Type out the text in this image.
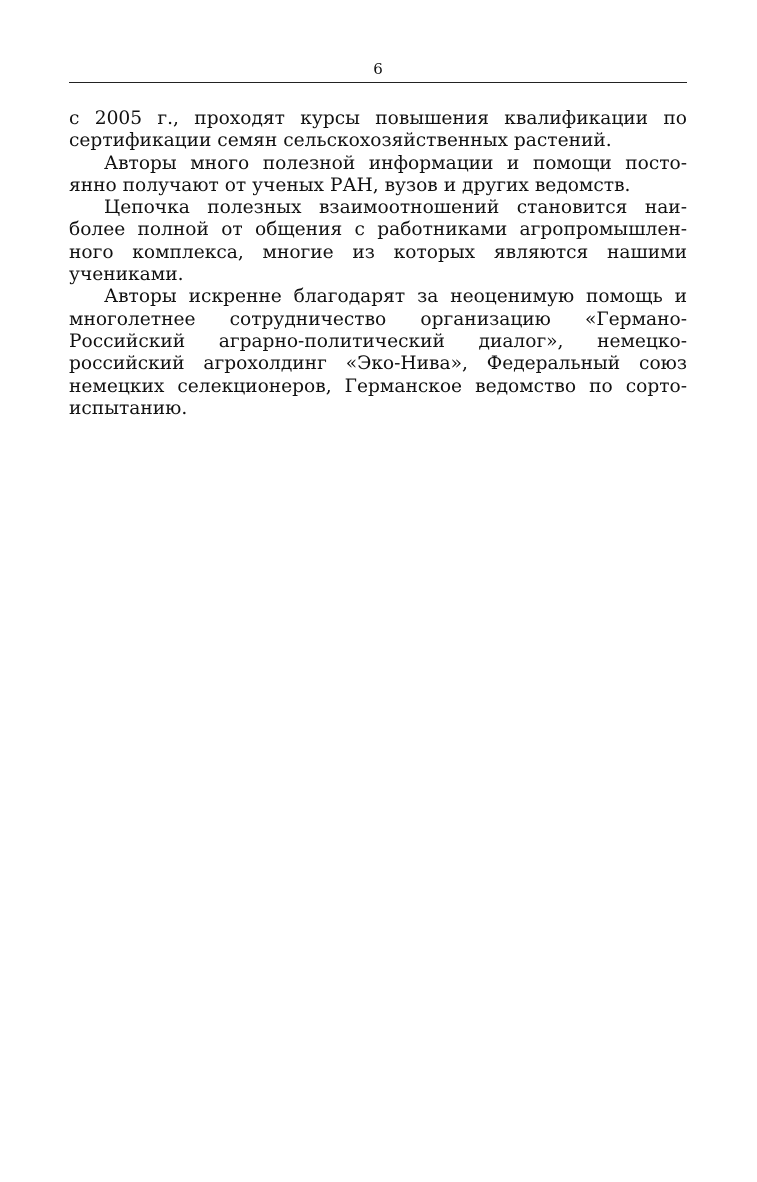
6
с 2005 г., проходят курсы повышения квалификации по
сертификации семян сельскохозяйственных растений.
Авторы много полезной информации и помощи посто-
янно получают от ученых РАН, вузов и других ведомств.
Цепочка полезных взаимоотношений становится наи-
более полной от общения с работниками агропромышлен-
ного комплекса, многие из которых являются нашими
учениками.
Авторы искренне благодарят за неоценимую помощь и
многолетнее сотрудничество организацию «Германо-
Российский аграрно-политический диалог», немецко-
российский агрохолдинг «Эко-Нива», Федеральный союз
немецких селекционеров, Германское ведомство по сорто-
испытанию.
